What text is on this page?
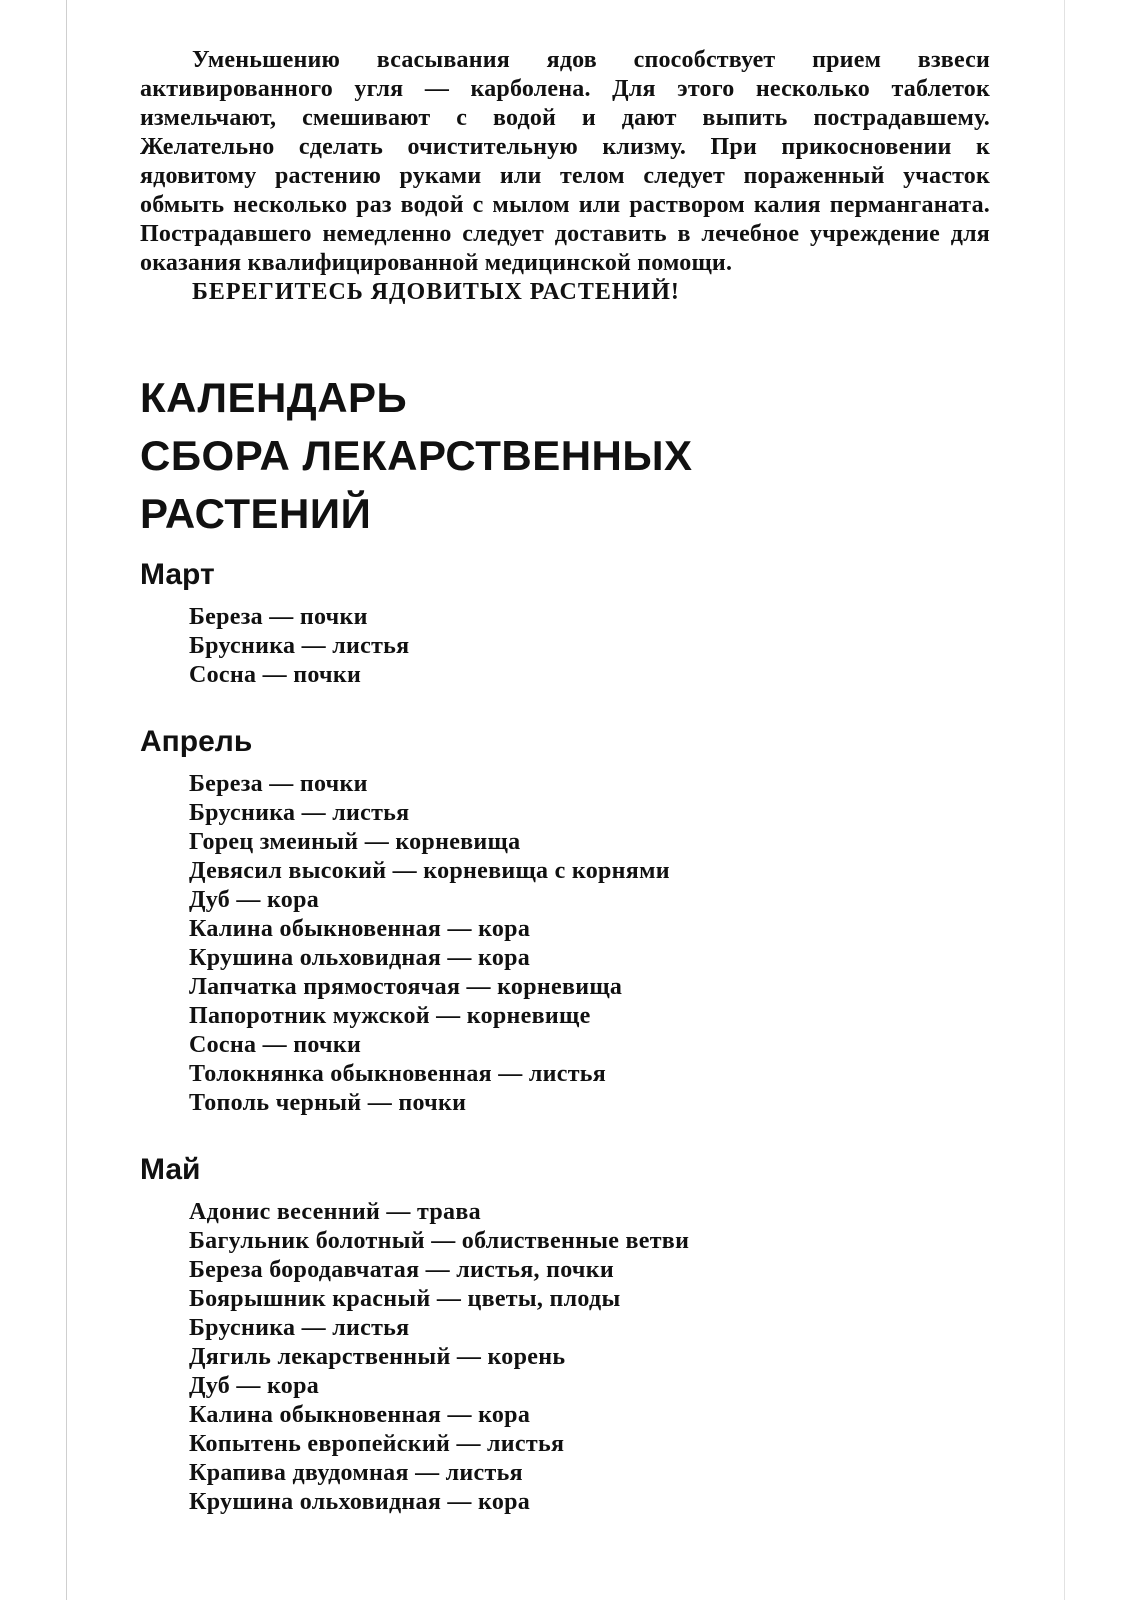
Уменьшению всасывания ядов способствует прием взвеси активированного угля — карболена. Для этого несколько таблеток измельчают, смешивают с водой и дают выпить пострадавшему. Желательно сделать очистительную клизму. При прикосновении к ядовитому растению руками или телом следует пораженный участок обмыть несколько раз водой с мылом или раствором калия перманганата. Пострадавшего немедленно следует доставить в лечебное учреждение для оказания квалифицированной медицинской помощи.

БЕРЕГИТЕСЬ ЯДОВИТЫХ РАСТЕНИЙ!

КАЛЕНДАРЬ
СБОРА ЛЕКАРСТВЕННЫХ
РАСТЕНИЙ
Март
Береза — почки
Брусника — листья
Сосна — почки
Апрель
Береза — почки
Брусника — листья
Горец змеиный — корневища
Девясил высокий — корневища с корнями
Дуб — кора
Калина обыкновенная — кора
Крушина ольховидная — кора
Лапчатка прямостоячая — корневища
Папоротник мужской — корневище
Сосна — почки
Толокнянка обыкновенная — листья
Тополь черный — почки
Май
Адонис весенний — трава
Багульник болотный — облиственные ветви
Береза бородавчатая — листья, почки
Боярышник красный — цветы, плоды
Брусника — листья
Дягиль лекарственный — корень
Дуб — кора
Калина обыкновенная — кора
Копытень европейский — листья
Крапива двудомная — листья
Крушина ольховидная — кора
